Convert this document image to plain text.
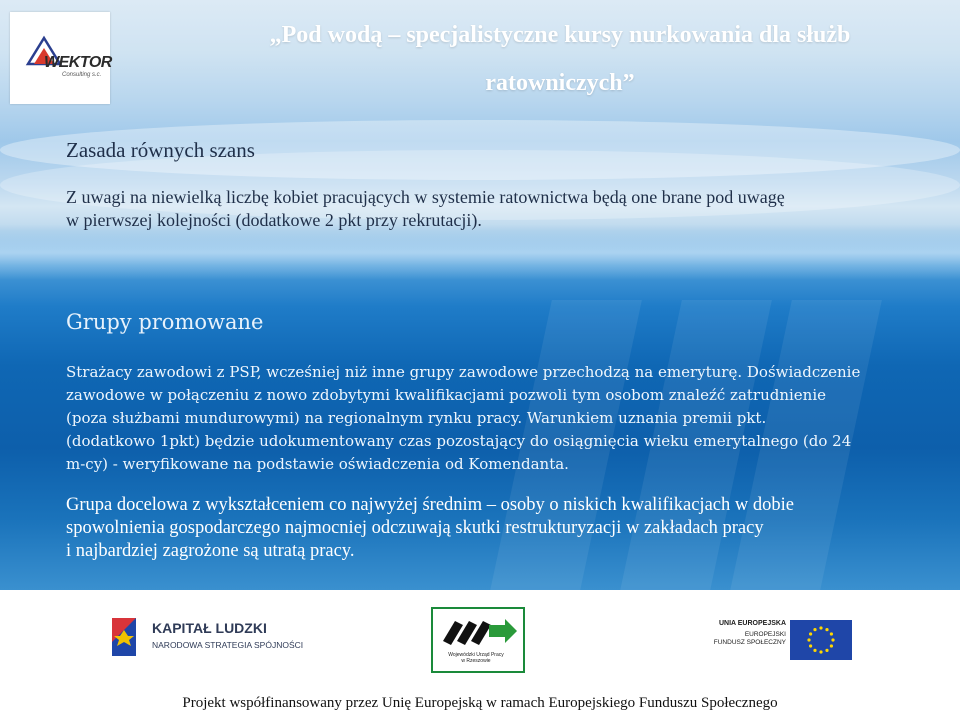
WEKTOR
Consulting s.c.
„Pod wodą – specjalistyczne kursy nurkowania dla służb
ratowniczych”
Zasada równych szans
Z uwagi na niewielką liczbę kobiet pracujących w systemie ratownictwa będą one brane pod uwagę
w pierwszej kolejności (dodatkowe 2 pkt przy rekrutacji).
Grupy promowane
Strażacy zawodowi z PSP, wcześniej niż inne grupy zawodowe przechodzą na emeryturę. Doświadczenie
zawodowe w połączeniu z nowo zdobytymi kwalifikacjami pozwoli tym osobom znaleźć zatrudnienie
(poza służbami mundurowymi) na regionalnym rynku pracy. Warunkiem uznania premii pkt.
(dodatkowo 1pkt) będzie udokumentowany czas pozostający do osiągnięcia wieku emerytalnego (do 24
m-cy) - weryfikowane na podstawie oświadczenia od Komendanta.
Grupa docelowa z wykształceniem co najwyżej średnim – osoby o niskich kwalifikacjach w dobie
spowolnienia gospodarczego najmocniej odczuwają skutki restrukturyzacji w zakładach pracy
i najbardziej zagrożone są utratą pracy.
KAPITAŁ LUDZKI
NARODOWA STRATEGIA SPÓJNOŚCI
Wojewódzki Urząd Pracy
w Rzeszowie
UNIA EUROPEJSKA
EUROPEJSKI
FUNDUSZ SPOŁECZNY
Projekt współfinansowany przez Unię Europejską w ramach Europejskiego Funduszu Społecznego
